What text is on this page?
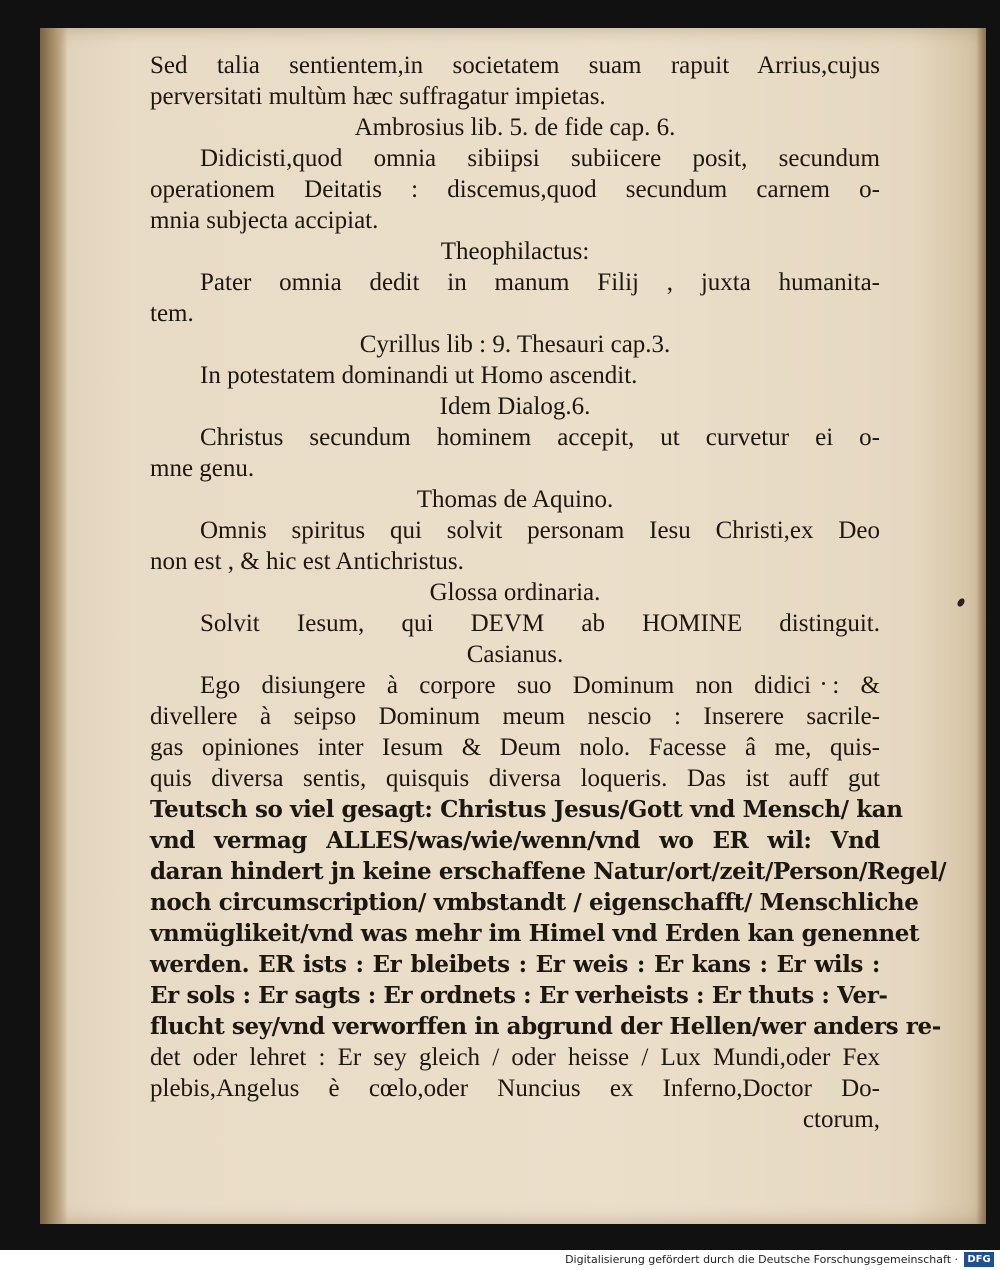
Sed talia sentientem,in societatem suam rapuit Arrius,cujus
perversitati multùm hæc suffragatur impietas.
Ambrosius lib. 5. de fide cap. 6.
Didicisti,quod omnia sibiipsi subiicere posit, secundum
operationem Deitatis : discemus,quod secundum carnem o-
mnia subjecta accipiat.
Theophilactus:
Pater omnia dedit in manum Filij , juxta humanita-
tem.
Cyrillus lib : 9. Thesauri cap.3.
In potestatem dominandi ut Homo ascendit.
Idem Dialog.6.
Christus secundum hominem accepit, ut curvetur ei o-
mne genu.
Thomas de Aquino.
Omnis spiritus qui solvit personam Iesu Christi,ex Deo
non est , & hic est Antichristus.
Glossa ordinaria.
Solvit Iesum, qui DEVM ab HOMINE distinguit.
Casianus.
Ego disiungere à corpore suo Dominum non didici : &
divellere à seipso Dominum meum nescio : Inserere sacrile-
gas opiniones inter Iesum & Deum nolo. Facesse â me, quis-
quis diversa sentis, quisquis diversa loqueris. Das ist auff gut
Teutsch so viel gesagt: Christus Jesus/Gott vnd Mensch/ kan
vnd vermag ALLES/was/wie/wenn/vnd wo ER wil: Vnd
daran hindert jn keine erschaffene Natur/ort/zeit/Person/Regel/
noch circumscription/ vmbstandt / eigenschafft/ Menschliche
vnmüglikeit/vnd was mehr im Himel vnd Erden kan genennet
werden. ER ists : Er bleibets : Er weis : Er kans : Er wils :
Er sols : Er sagts : Er ordnets : Er verheists : Er thuts : Ver-
flucht sey/vnd verworffen in abgrund der Hellen/wer anders re-
det oder lehret : Er sey gleich / oder heisse / Lux Mundi,oder Fex
plebis,Angelus è cœlo,oder Nuncius ex Inferno,Doctor Do-
ctorum,
Digitalisierung gefördert durch die Deutsche Forschungsgemeinschaft · DFG
